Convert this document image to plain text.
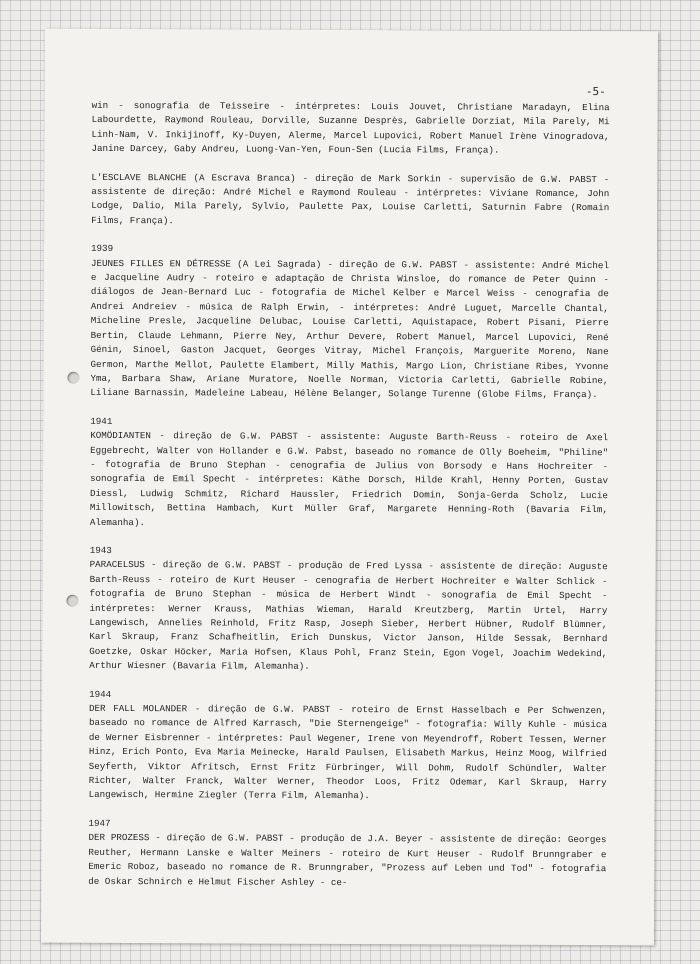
-5-

win - sonografia de Teisseire - intérpretes: Louis Jouvet, Christiane Maradayn, Elina Labourdette, Raymond Rouleau, Dorville, Suzanne Desprès, Gabrielle Dorziat, Mila Parely, Mi Linh-Nam, V. Inkijinoff, Ky-Duyen, Alerme, Marcel Lupovici, Robert Manuel Irène Vinogradova, Janine Darcey, Gaby Andreu, Luong-Van-Yen, Foun-Sen (Lucia Films, França).

L'ESCLAVE BLANCHE (A Escrava Branca) - direção de Mark Sorkin - supervisão de G.W. PABST - assistente de direção: André Michel e Raymond Rouleau - intérpretes: Viviane Romance, John Lodge, Dalio, Mila Parely, Sylvio, Paulette Pax, Louise Carletti, Saturnin Fabre (Romain Films, França).

1939

JEUNES FILLES EN DÉTRESSE (A Lei Sagrada) - direção de G.W. PABST - assistente: André Michel e Jacqueline Audry - roteiro e adaptação de Christa Winsloe, do romance de Peter Quinn - diálogos de Jean-Bernard Luc - fotografia de Michel Kelber e Marcel Weiss - cenografia de Andrei Andreiev - música de Ralph Erwin, - intérpretes: André Luguet, Marcelle Chantal, Micheline Presle, Jacqueline Delubac, Louise Carletti, Aquistapace, Robert Pisani, Pierre Bertin, Claude Lehmann, Pierre Ney, Arthur Devere, Robert Manuel, Marcel Lupovici, René Génin, Sinoel, Gaston Jacquet, Georges Vitray, Michel François, Marguerite Moreno, Nane Germon, Marthe Mellot, Paulette Elambert, Milly Mathis, Margo Lion, Christiane Ribes, Yvonne Yma, Barbara Shaw, Ariane Muratore, Noelle Norman, Victoria Carletti, Gabrielle Robine, Liliane Barnassin, Madeleine Labeau, Hélène Belanger, Solange Turenne (Globe Films, França).

1941

KOMÖDIANTEN - direção de G.W. PABST - assistente: Auguste Barth-Reuss - roteiro de Axel Eggebrecht, Walter von Hollander e G.W. Pabst, baseado no romance de Olly Boeheim, "Philine" - fotografia de Bruno Stephan - cenografia de Julius von Borsody e Hans Hochreiter - sonografia de Emil Specht - intérpretes: Käthe Dorsch, Hilde Krahl, Henny Porten, Gustav Diessl, Ludwig Schmitz, Richard Haussler, Friedrich Domin, Sonja-Gerda Scholz, Lucie Millowitsch, Bettina Hambach, Kurt Müller Graf, Margarete Henning-Roth (Bavaria Film, Alemanha).

1943

PARACELSUS - direção de G.W. PABST - produção de Fred Lyssa - assistente de direção: Auguste Barth-Reuss - roteiro de Kurt Heuser - cenografia de Herbert Hochreiter e Walter Schlick - fotografia de Bruno Stephan - música de Herbert Windt - sonografia de Emil Specht - intérpretes: Werner Krauss, Mathias Wieman, Harald Kreutzberg, Martin Urtel, Harry Langewisch, Annelies Reinhold, Fritz Rasp, Joseph Sieber, Herbert Hübner, Rudolf Blümner, Karl Skraup, Franz Schafheitlin, Erich Dunskus, Victor Janson, Hilde Sessak, Bernhard Goetzke, Oskar Höcker, Maria Hofsen, Klaus Pohl, Franz Stein, Egon Vogel, Joachim Wedekind, Arthur Wiesner (Bavaria Film, Alemanha).

1944

DER FALL MOLANDER - direção de G.W. PABST - roteiro de Ernst Hasselbach e Per Schwenzen, baseado no romance de Alfred Karrasch, "Die Sternengeige" - fotografia: Willy Kuhle - música de Werner Eisbrenner - intérpretes: Paul Wegener, Irene von Meyendroff, Robert Tessen, Werner Hinz, Erich Ponto, Eva Maria Meinecke, Harald Paulsen, Elisabeth Markus, Heinz Moog, Wilfried Seyferth, Viktor Afritsch, Ernst Fritz Fürbringer, Will Dohm, Rudolf Schündler, Walter Richter, Walter Franck, Walter Werner, Theodor Loos, Fritz Odemar, Karl Skraup, Harry Langewisch, Hermine Ziegler (Terra Film, Alemanha).

1947

DER PROZESS - direção de G.W. PABST - produção de J.A. Beyer - assistente de direção: Georges Reuther, Hermann Lanske e Walter Meiners - roteiro de Kurt Heuser - Rudolf Brunngraber e Emeric Roboz, baseado no romance de R. Brunngraber, "Prozess auf Leben und Tod" - fotografia de Oskar Schnirch e Helmut Fischer Ashley - ce-
